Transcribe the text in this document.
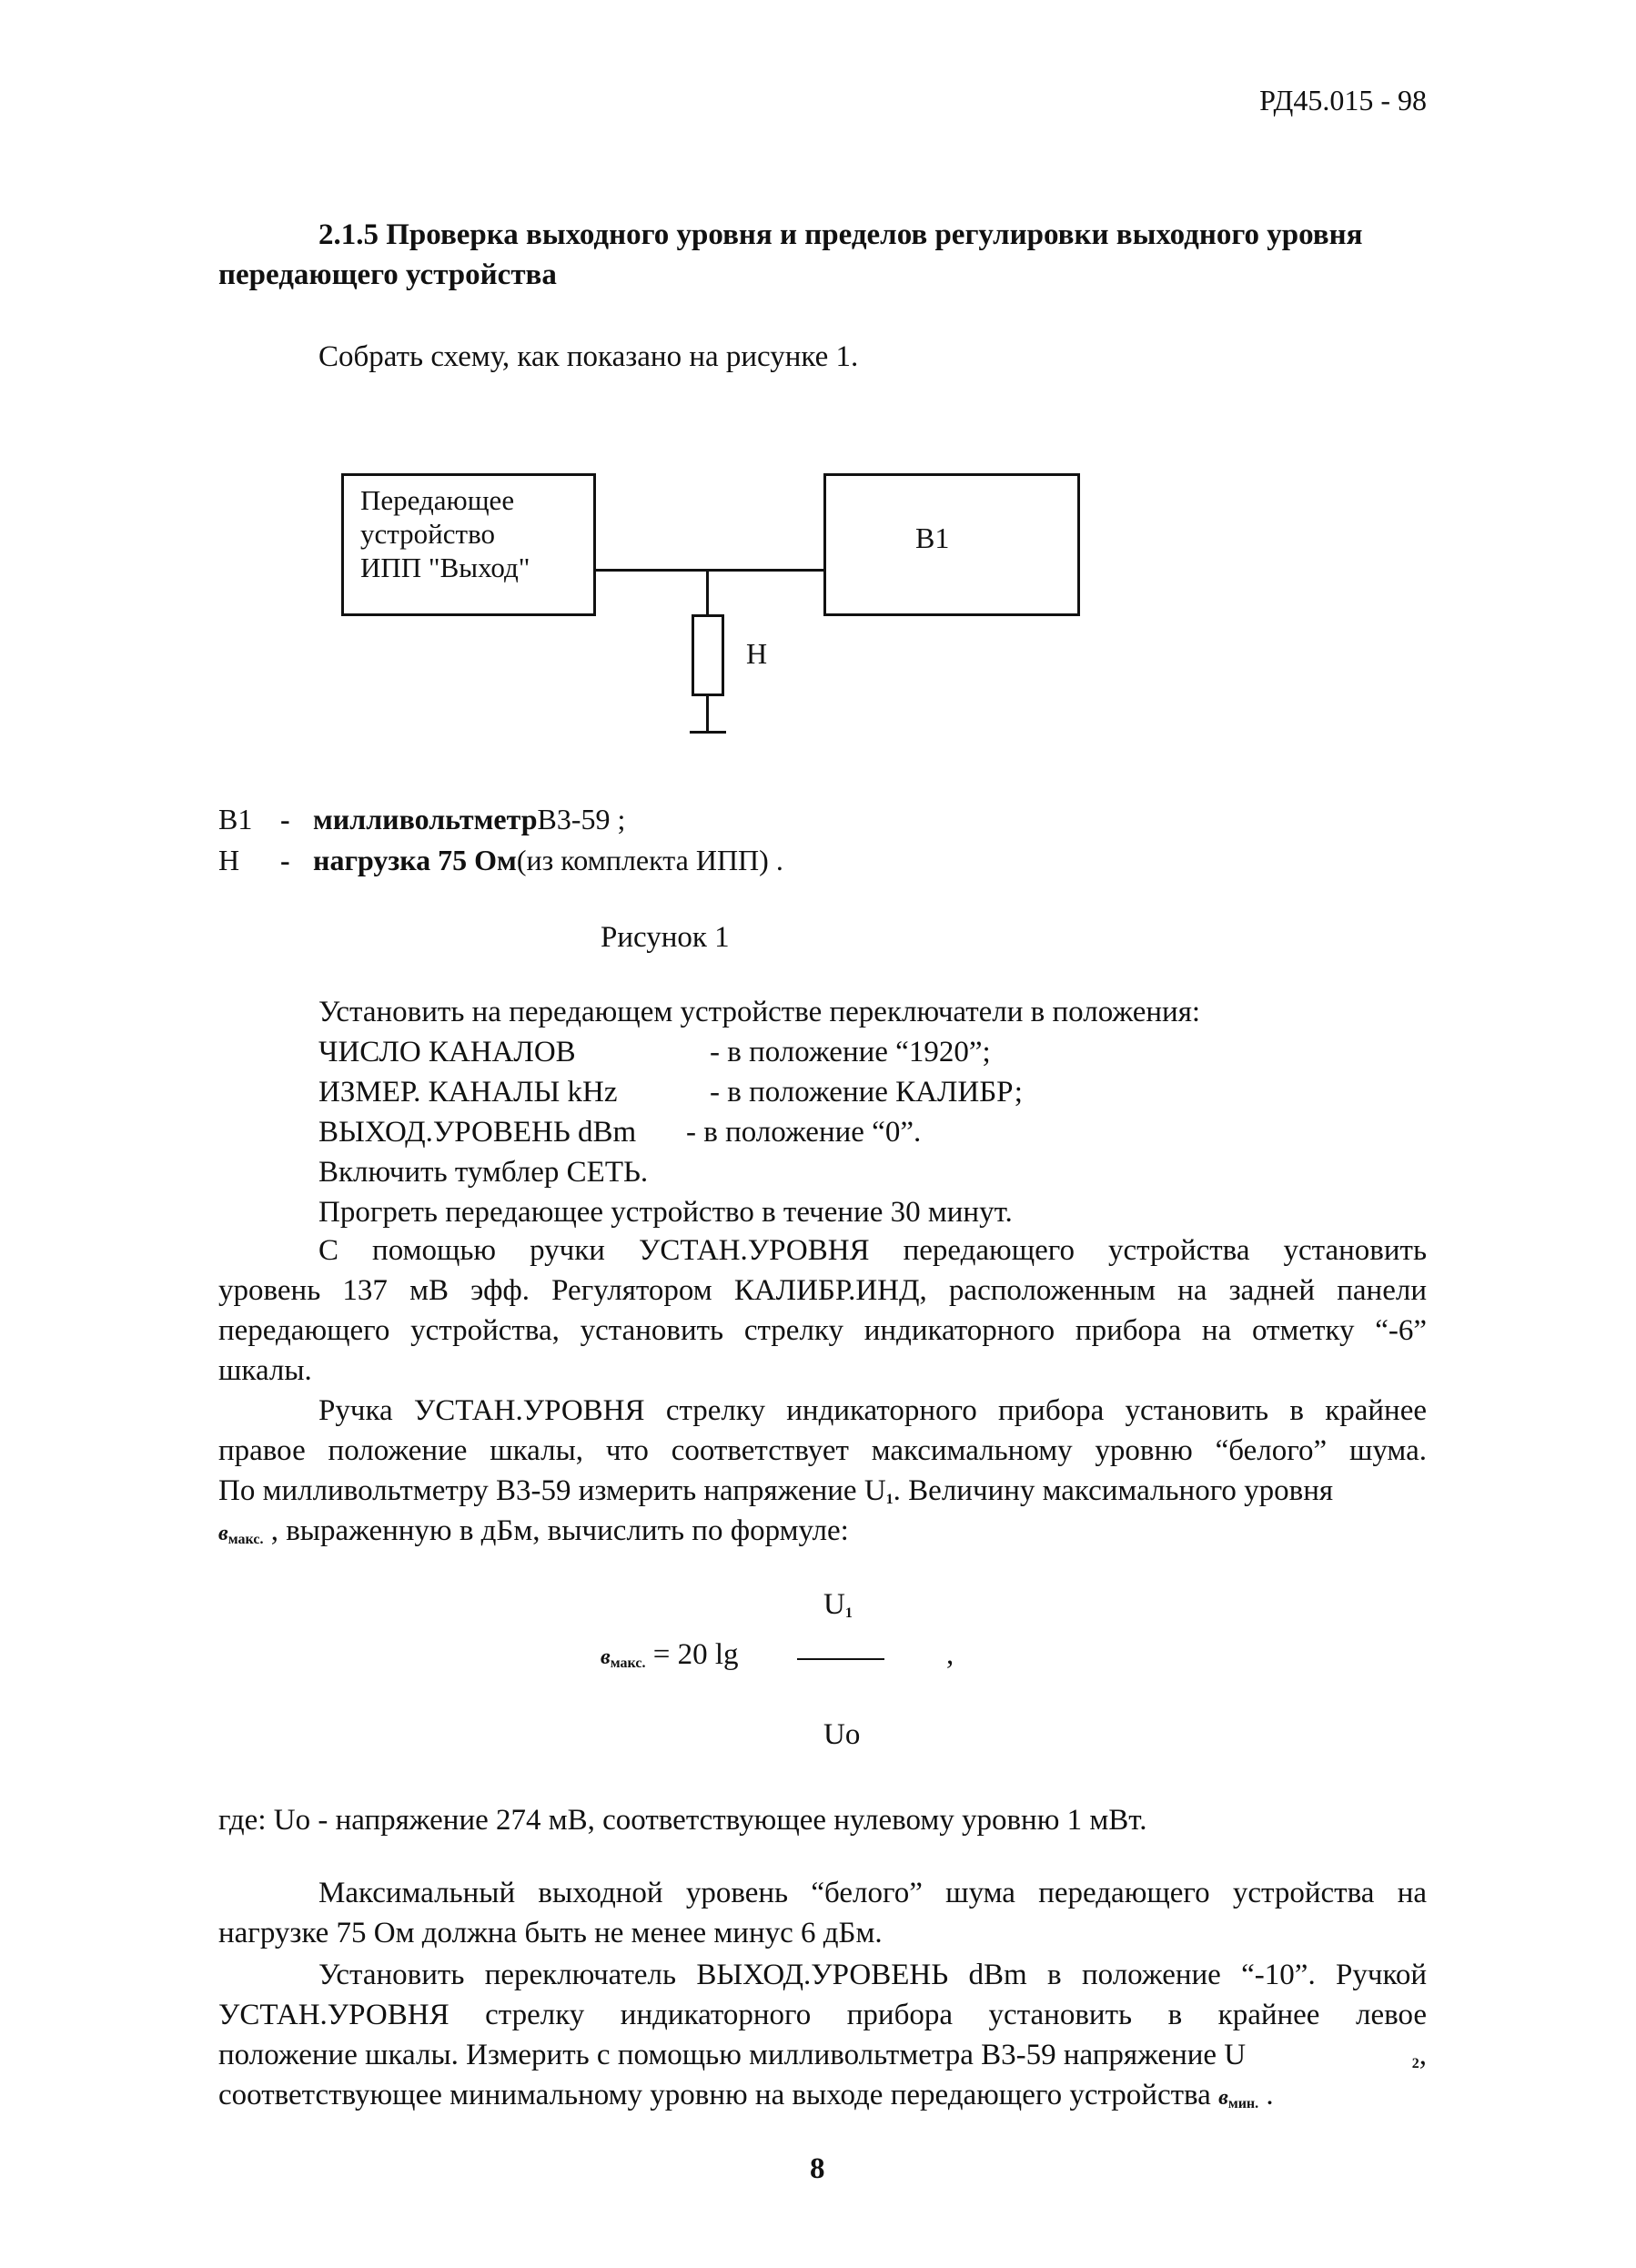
РД45.015 - 98
2.1.5 Проверка выходного уровня и пределов регулировки выходного уровня передающего устройства
Собрать схему, как показано на рисунке 1.
Передающее
устройство
ИПП "Выход"
В1
Н
В1 - милливольтметрВ3-59 ;
Н - нагрузка 75 Ом(из комплекта ИПП) .
Рисунок 1
Установить на передающем устройстве переключатели в положения:
ЧИСЛО КАНАЛОВ	- в положение “1920”;
ИЗМЕР. КАНАЛЫ kHz	- в положение КАЛИБР;
ВЫХОД.УРОВЕНЬ dBm - в положение “0”.
Включить тумблер СЕТЬ.
Прогреть передающее устройство в течение 30 минут.
С помощью ручки УСТАН.УРОВНЯ передающего устройства установить
уровень 137 мВ эфф. Регулятором КАЛИБР.ИНД, расположенным на задней панели
передающего устройства, установить стрелку индикаторного прибора на отметку “-6”
шкалы.
Ручка УСТАН.УРОВНЯ стрелку индикаторного прибора установить в крайнее
правое положение шкалы, что соответствует максимальному уровню “белого” шума.
По милливольтметру В3-59 измерить напряжение $U_1$. Величину максимального уровня
$в_{макс.}$ , выраженную в дБм, вычислить по формуле:
$U_1$
$в_{макс.} = 20$ lg	,
Uo
где: Uo - напряжение 274 мВ, соответствующее нулевому уровню 1 мВт.
Максимальный выходной уровень “белого” шума передающего устройства на
нагрузке 75 Ом должна быть не менее минус 6 дБм.
Установить переключатель ВЫХОД.УРОВЕНЬ dBm в положение “-10”. Ручкой
УСТАН.УРОВНЯ стрелку индикаторного прибора установить в крайнее левое
положение шкалы. Измерить с помощью милливольтметра В3-59 напряжение U	$_2$,
соответствующее минимальному уровню на выходе передающего устройства $в_{мин.}$ .
8
